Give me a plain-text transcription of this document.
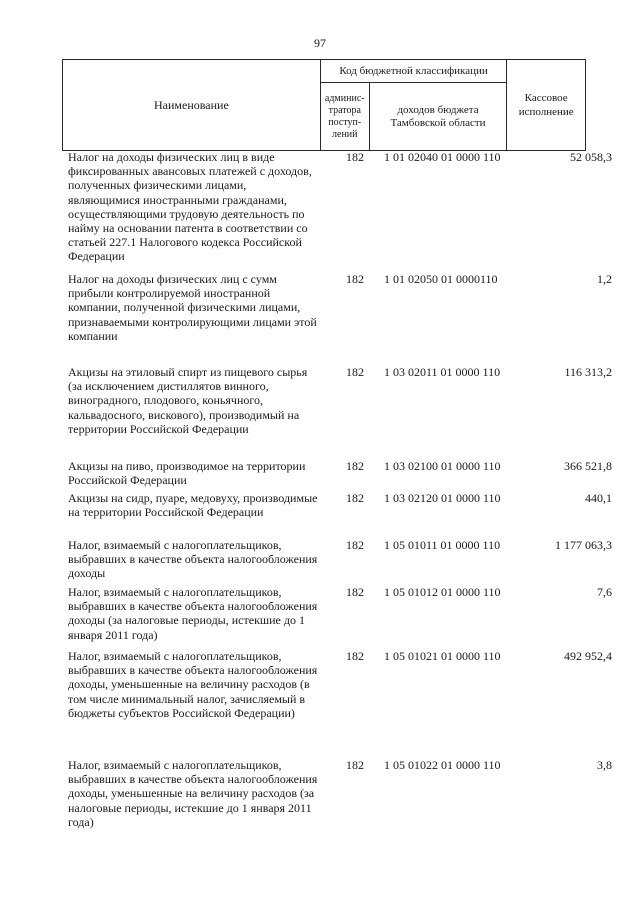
97
Наименование	Код бюджетной классификации		Кассовое исполнение
	админис-тратора поступ-лений	доходов бюджета Тамбовской области	
Налог на доходы физических лиц в виде фиксированных авансовых платежей с доходов, полученных физическими лицами, являющимися иностранными гражданами, осуществляющими трудовую деятельность по найму на основании патента в соответствии со статьей 227.1 Налогового кодекса Российской Федерации
182 1 01 02040 01 0000 110	52 058,3
Налог на доходы физических лиц с сумм прибыли контролируемой иностранной компании, полученной физическими лицами, признаваемыми контролирующими лицами этой компании
182 1 01 02050 01 0000110	1,2
Акцизы на этиловый спирт из пищевого сырья (за исключением дистиллятов винного, виноградного, плодового, коньячного, кальвадосного, вискового), производимый на территории Российской Федерации
182 1 03 02011 01 0000 110	116 313,2
Акцизы на пиво, производимое на территории Российской Федерации
182 1 03 02100 01 0000 110	366 521,8
Акцизы на сидр, пуаре, медовуху, производимые на территории Российской Федерации
182 1 03 02120 01 0000 110	440,1
Налог, взимаемый с налогоплательщиков, выбравших в качестве объекта налогообложения доходы
182 1 05 01011 01 0000 110	1 177 063,3
Налог, взимаемый с налогоплательщиков, выбравших в качестве объекта налогообложения доходы (за налоговые периоды, истекшие до 1 января 2011 года)
182 1 05 01012 01 0000 110	7,6
Налог, взимаемый с налогоплательщиков, выбравших в качестве объекта налогообложения доходы, уменьшенные на величину расходов (в том числе минимальный налог, зачисляемый в бюджеты субъектов Российской Федерации)
182 1 05 01021 01 0000 110	492 952,4
Налог, взимаемый с налогоплательщиков, выбравших в качестве объекта налогообложения доходы, уменьшенные на величину расходов (за налоговые периоды, истекшие до 1 января 2011 года)
182 1 05 01022 01 0000 110	3,8
